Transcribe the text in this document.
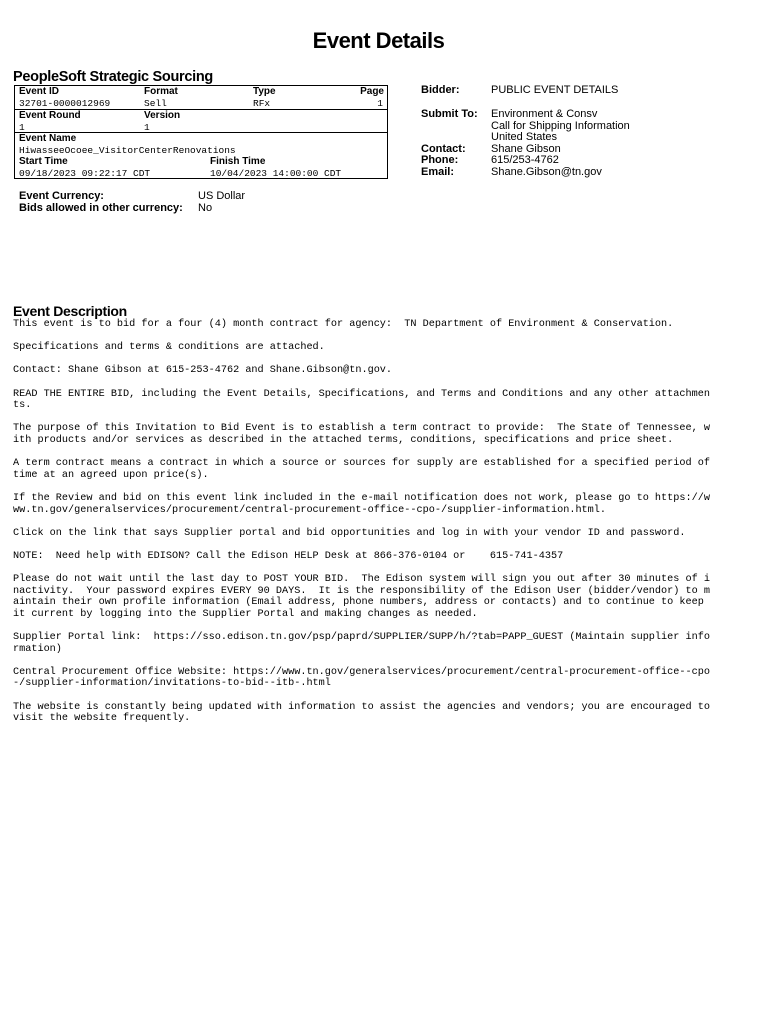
Event Details
PeopleSoft Strategic Sourcing
Event ID	Format	Type	Page
32701-0000012969	Sell	RFx	1
Event Round	Version
1	1
Event Name
HiwasseeOcoee_VisitorCenterRenovations
Start Time	Finish Time
09/18/2023 09:22:17 CDT	10/04/2023 14:00:00 CDT
Bidder:	PUBLIC EVENT DETAILS
Submit To: Environment & Consv
Call for Shipping Information
United States
Contact: Shane Gibson
Phone:	615/253-4762
Email:	Shane.Gibson@tn.gov
Event Currency:	US Dollar
Bids allowed in other currency: No
Event Description

This event is to bid for a four (4) month contract for agency:  TN Department of Environment & Conservation.

Specifications and terms & conditions are attached.

Contact: Shane Gibson at 615-253-4762 and Shane.Gibson@tn.gov.

READ THE ENTIRE BID, including the Event Details, Specifications, and Terms and Conditions and any other attachments.

The purpose of this Invitation to Bid Event is to establish a term contract to provide:  The State of Tennessee, with products and/or services as described in the attached terms, conditions, specifications and price sheet.

A term contract means a contract in which a source or sources for supply are established for a specified period of time at an agreed upon price(s).

If the Review and bid on this event link included in the e-mail notification does not work, please go to https://www.tn.gov/generalservices/procurement/central-procurement-office--cpo-/supplier-information.html.

Click on the link that says Supplier portal and bid opportunities and log in with your vendor ID and password.

NOTE:  Need help with EDISON? Call the Edison HELP Desk at 866-376-0104 or    615-741-4357

Please do not wait until the last day to POST YOUR BID.  The Edison system will sign you out after 30 minutes of inactivity.  Your password expires EVERY 90 DAYS.  It is the responsibility of the Edison User (bidder/vendor) to maintain their own profile information (Email address, phone numbers, address or contacts) and to continue to keep it current by logging into the Supplier Portal and making changes as needed.

Supplier Portal link:  https://sso.edison.tn.gov/psp/paprd/SUPPLIER/SUPP/h/?tab=PAPP_GUEST (Maintain supplier information)

Central Procurement Office Website: https://www.tn.gov/generalservices/procurement/central-procurement-office--cpo-/supplier-information/invitations-to-bid--itb-.html

The website is constantly being updated with information to assist the agencies and vendors; you are encouraged to visit the website frequently.
